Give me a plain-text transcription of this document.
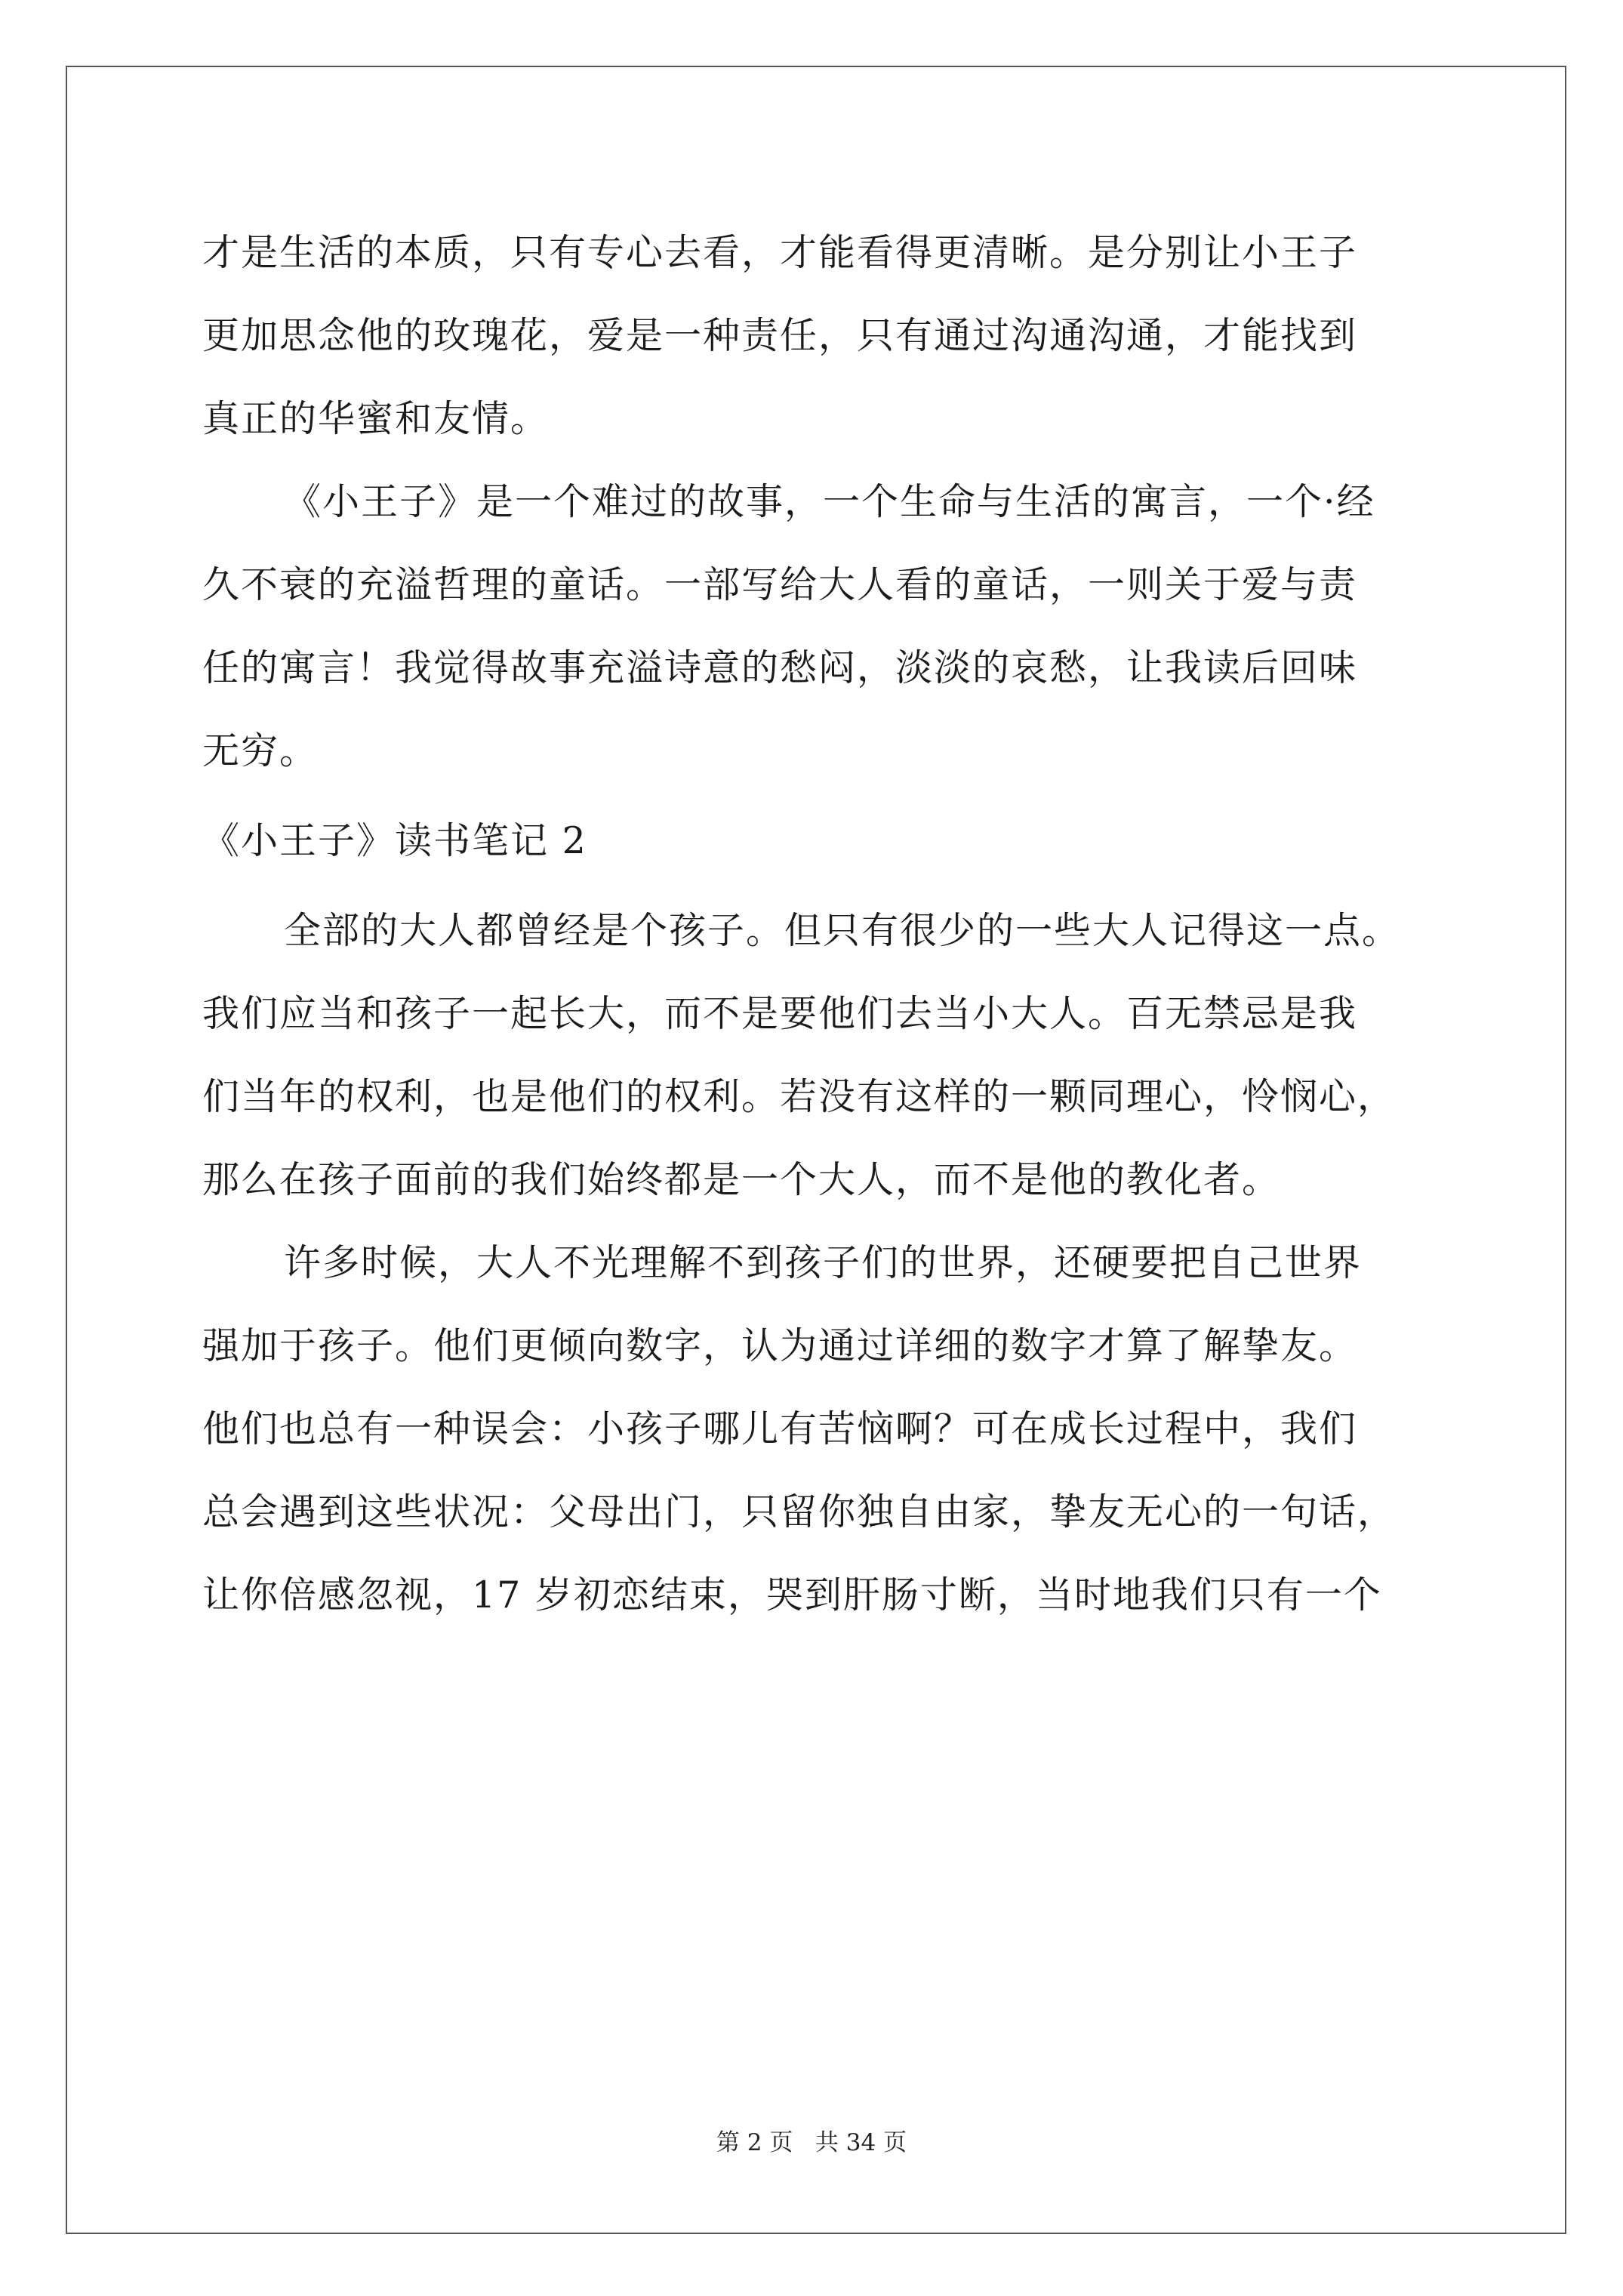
才是生活的本质，只有专心去看，才能看得更清晰。是分别让小王子
更加思念他的玫瑰花，爱是一种责任，只有通过沟通沟通，才能找到
真正的华蜜和友情。
《小王子》是一个难过的故事，一个生命与生活的寓言，一个·经
久不衰的充溢哲理的童话。一部写给大人看的童话，一则关于爱与责
任的寓言！我觉得故事充溢诗意的愁闷，淡淡的哀愁，让我读后回味
无穷。
《小王子》读书笔记 2
全部的大人都曾经是个孩子。但只有很少的一些大人记得这一点。
我们应当和孩子一起长大，而不是要他们去当小大人。百无禁忌是我
们当年的权利，也是他们的权利。若没有这样的一颗同理心，怜悯心，
那么在孩子面前的我们始终都是一个大人，而不是他的教化者。
许多时候，大人不光理解不到孩子们的世界，还硬要把自己世界
强加于孩子。他们更倾向数字，认为通过详细的数字才算了解挚友。
他们也总有一种误会：小孩子哪儿有苦恼啊？可在成长过程中，我们
总会遇到这些状况：父母出门，只留你独自由家，挚友无心的一句话，
让你倍感忽视，17 岁初恋结束，哭到肝肠寸断，当时地我们只有一个
第 2 页 共 34 页
